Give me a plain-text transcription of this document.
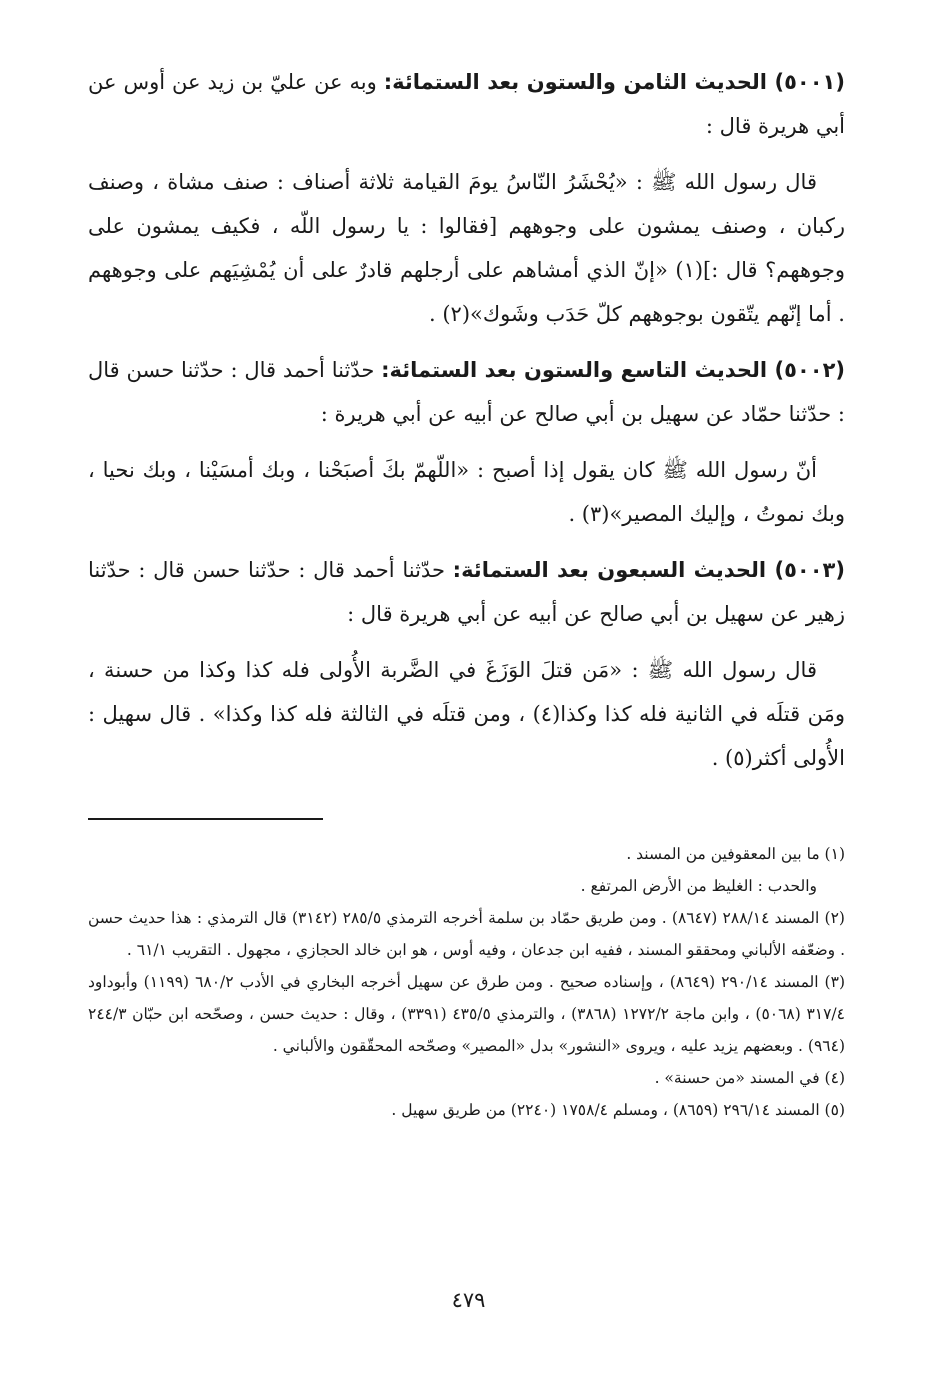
(٥٠٠١) الحديث الثامن والستون بعد الستمائة: وبه عن عليّ بن زيد عن أوس عن أبي هريرة قال :

قال رسول الله ﷺ : «يُحْشَرُ النّاسُ يومَ القيامة ثلاثة أصناف : صنف مشاة ، وصنف ركبان ، وصنف يمشون على وجوههم [فقالوا : يا رسول اللّه ، فكيف يمشون على وجوههم؟ قال :](١) «إنّ الذي أمشاهم على أرجلهم قادرٌ على أن يُمْشِيَهم على وجوههم . أما إنّهم يتّقون بوجوههم كلّ حَدَب وشَوك»(٢) .

(٥٠٠٢) الحديث التاسع والستون بعد الستمائة: حدّثنا أحمد قال : حدّثنا حسن قال : حدّثنا حمّاد عن سهيل بن أبي صالح عن أبيه عن أبي هريرة :

أنّ رسول الله ﷺ كان يقول إذا أصبح : «اللّهمّ بكَ أصبَحْنا ، وبك أمسَيْنا ، وبك نحيا ، وبك نموتُ ، وإليك المصير»(٣) .

(٥٠٠٣) الحديث السبعون بعد الستمائة: حدّثنا أحمد قال : حدّثنا حسن قال : حدّثنا زهير عن سهيل بن أبي صالح عن أبيه عن أبي هريرة قال :

قال رسول الله ﷺ : «مَن قتلَ الوَزَغَ في الضَّربة الأُولى فله كذا وكذا من حسنة ، ومَن قتلَه في الثانية فله كذا وكذا(٤) ، ومن قتلَه في الثالثة فله كذا وكذا» . قال سهيل : الأُولى أكثر(٥) .

(١) ما بين المعقوفين من المسند .

والحدب : الغليظ من الأرض المرتفع .

(٢) المسند ٢٨٨/١٤ (٨٦٤٧) . ومن طريق حمّاد بن سلمة أخرجه الترمذي ٢٨٥/٥ (٣١٤٢) قال الترمذي : هذا حديث حسن . وضعّفه الألباني ومحققو المسند ، ففيه ابن جدعان ، وفيه أوس ، هو ابن خالد الحجازي ، مجهول . التقريب ٦١/١ .

(٣) المسند ٢٩٠/١٤ (٨٦٤٩) ، وإسناده صحيح . ومن طرق عن سهيل أخرجه البخاري في الأدب ٦٨٠/٢ (١١٩٩) وأبوداود ٣١٧/٤ (٥٠٦٨) ، وابن ماجة ١٢٧٢/٢ (٣٨٦٨) ، والترمذي ٤٣٥/٥ (٣٣٩١) ، وقال : حديث حسن ، وصحّحه ابن حبّان ٢٤٤/٣ (٩٦٤) . وبعضهم يزيد عليه ، ويروى «النشور» بدل «المصير» وصحّحه المحقّقون والألباني .

(٤) في المسند «من حسنة» .

(٥) المسند ٢٩٦/١٤ (٨٦٥٩) ، ومسلم ١٧٥٨/٤ (٢٢٤٠) من طريق سهيل .

٤٧٩
